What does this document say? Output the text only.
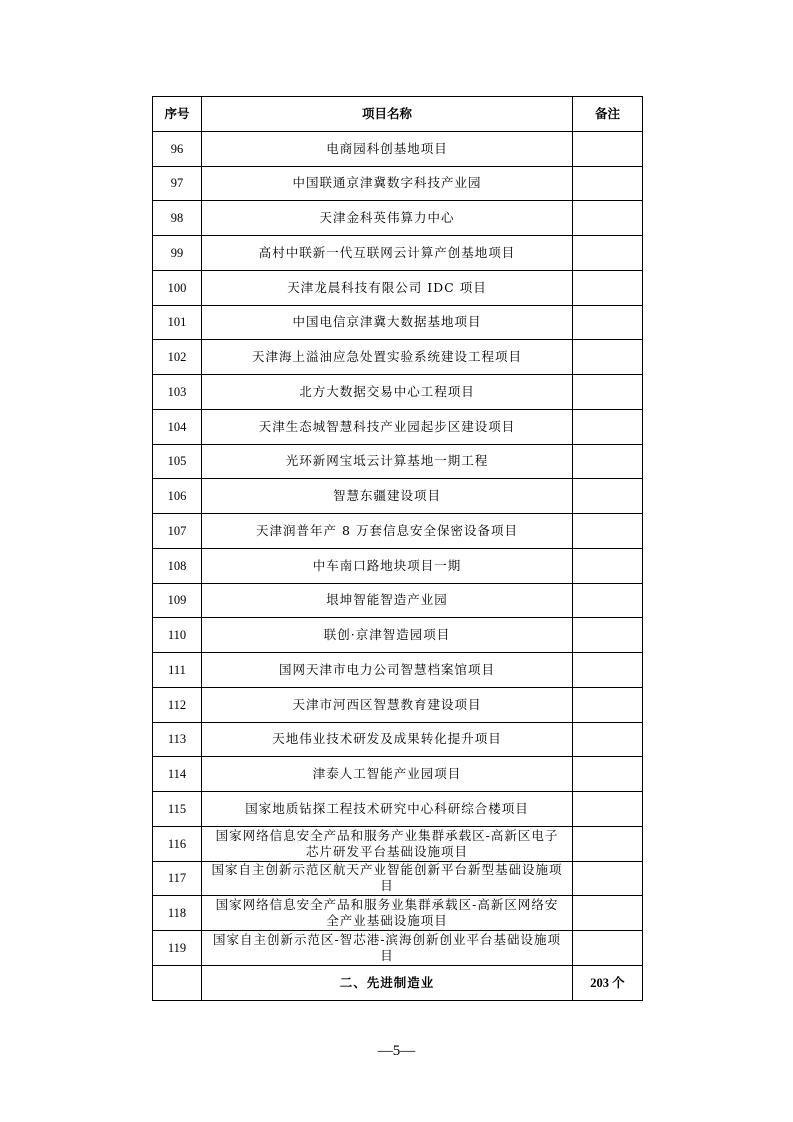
序号	项目名称	备注
96	电商园科创基地项目	
97	中国联通京津冀数字科技产业园	
98	天津金科英伟算力中心	
99	高村中联新一代互联网云计算产创基地项目	
100	天津龙晨科技有限公司 IDC 项目	
101	中国电信京津冀大数据基地项目	
102	天津海上溢油应急处置实验系统建设工程项目	
103	北方大数据交易中心工程项目	
104	天津生态城智慧科技产业园起步区建设项目	
105	光环新网宝坻云计算基地一期工程	
106	智慧东疆建设项目	
107	天津润普年产 8 万套信息安全保密设备项目	
108	中车南口路地块项目一期	
109	垠坤智能智造产业园	
110	联创·京津智造园项目	
111	国网天津市电力公司智慧档案馆项目	
112	天津市河西区智慧教育建设项目	
113	天地伟业技术研发及成果转化提升项目	
114	津泰人工智能产业园项目	
115	国家地质钻探工程技术研究中心科研综合楼项目	
116	国家网络信息安全产品和服务产业集群承载区-高新区电子芯片研发平台基础设施项目	
117	国家自主创新示范区航天产业智能创新平台新型基础设施项目	
118	国家网络信息安全产品和服务业集群承载区-高新区网络安全产业基础设施项目	
119	国家自主创新示范区-智芯港-滨海创新创业平台基础设施项目	
	二、先进制造业	203 个
—5—
